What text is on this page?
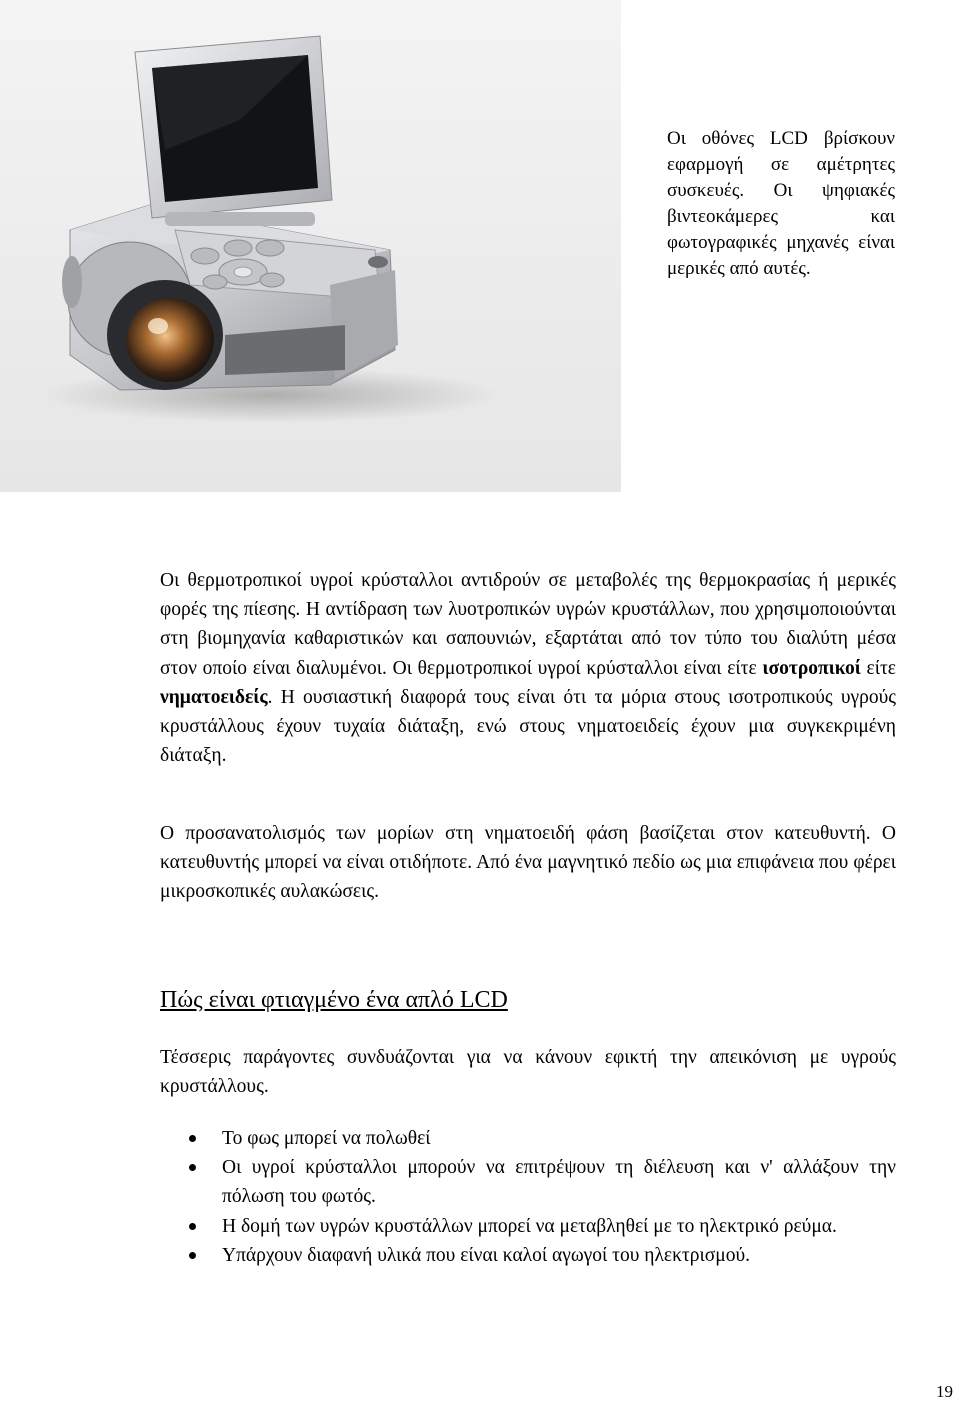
Οι οθόνες LCD βρίσκουν εφαρμογή σε αμέτρητες συσκευές. Οι ψηφιακές βιντεοκάμερες και φωτογραφικές μηχανές είναι μερικές από αυτές.

Οι θερμοτροπικοί υγροί κρύσταλλοι αντιδρούν σε μεταβολές της θερμοκρασίας ή μερικές φορές της πίεσης. Η αντίδραση των λυοτροπικών υγρών κρυστάλλων, που χρησιμοποιούνται στη βιομηχανία καθαριστικών και σαπουνιών, εξαρτάται από τον τύπο του διαλύτη μέσα στον οποίο είναι διαλυμένοι. Οι θερμοτροπικοί υγροί κρύσταλλοι είναι είτε ισοτροπικοί είτε νηματοειδείς. Η ουσιαστική διαφορά τους είναι ότι τα μόρια στους ισοτροπικούς υγρούς κρυστάλλους έχουν τυχαία διάταξη, ενώ στους νηματοειδείς έχουν μια συγκεκριμένη διάταξη.

Ο προσανατολισμός των μορίων στη νηματοειδή φάση βασίζεται στον κατευθυντή. Ο κατευθυντής μπορεί να είναι οτιδήποτε. Από ένα μαγνητικό πεδίο ως μια επιφάνεια που φέρει μικροσκοπικές αυλακώσεις.

Πώς είναι φτιαγμένο ένα απλό LCD

Τέσσερις παράγοντες συνδυάζονται για να κάνουν εφικτή την απεικόνιση με υγρούς κρυστάλλους.

Το φως μπορεί να πολωθεί
Οι υγροί κρύσταλλοι μπορούν να επιτρέψουν τη διέλευση και ν' αλλάξουν την πόλωση του φωτός.
Η δομή των υγρών κρυστάλλων μπορεί να μεταβληθεί με το ηλεκτρικό ρεύμα.
Υπάρχουν διαφανή υλικά που είναι καλοί αγωγοί του ηλεκτρισμού.
19
